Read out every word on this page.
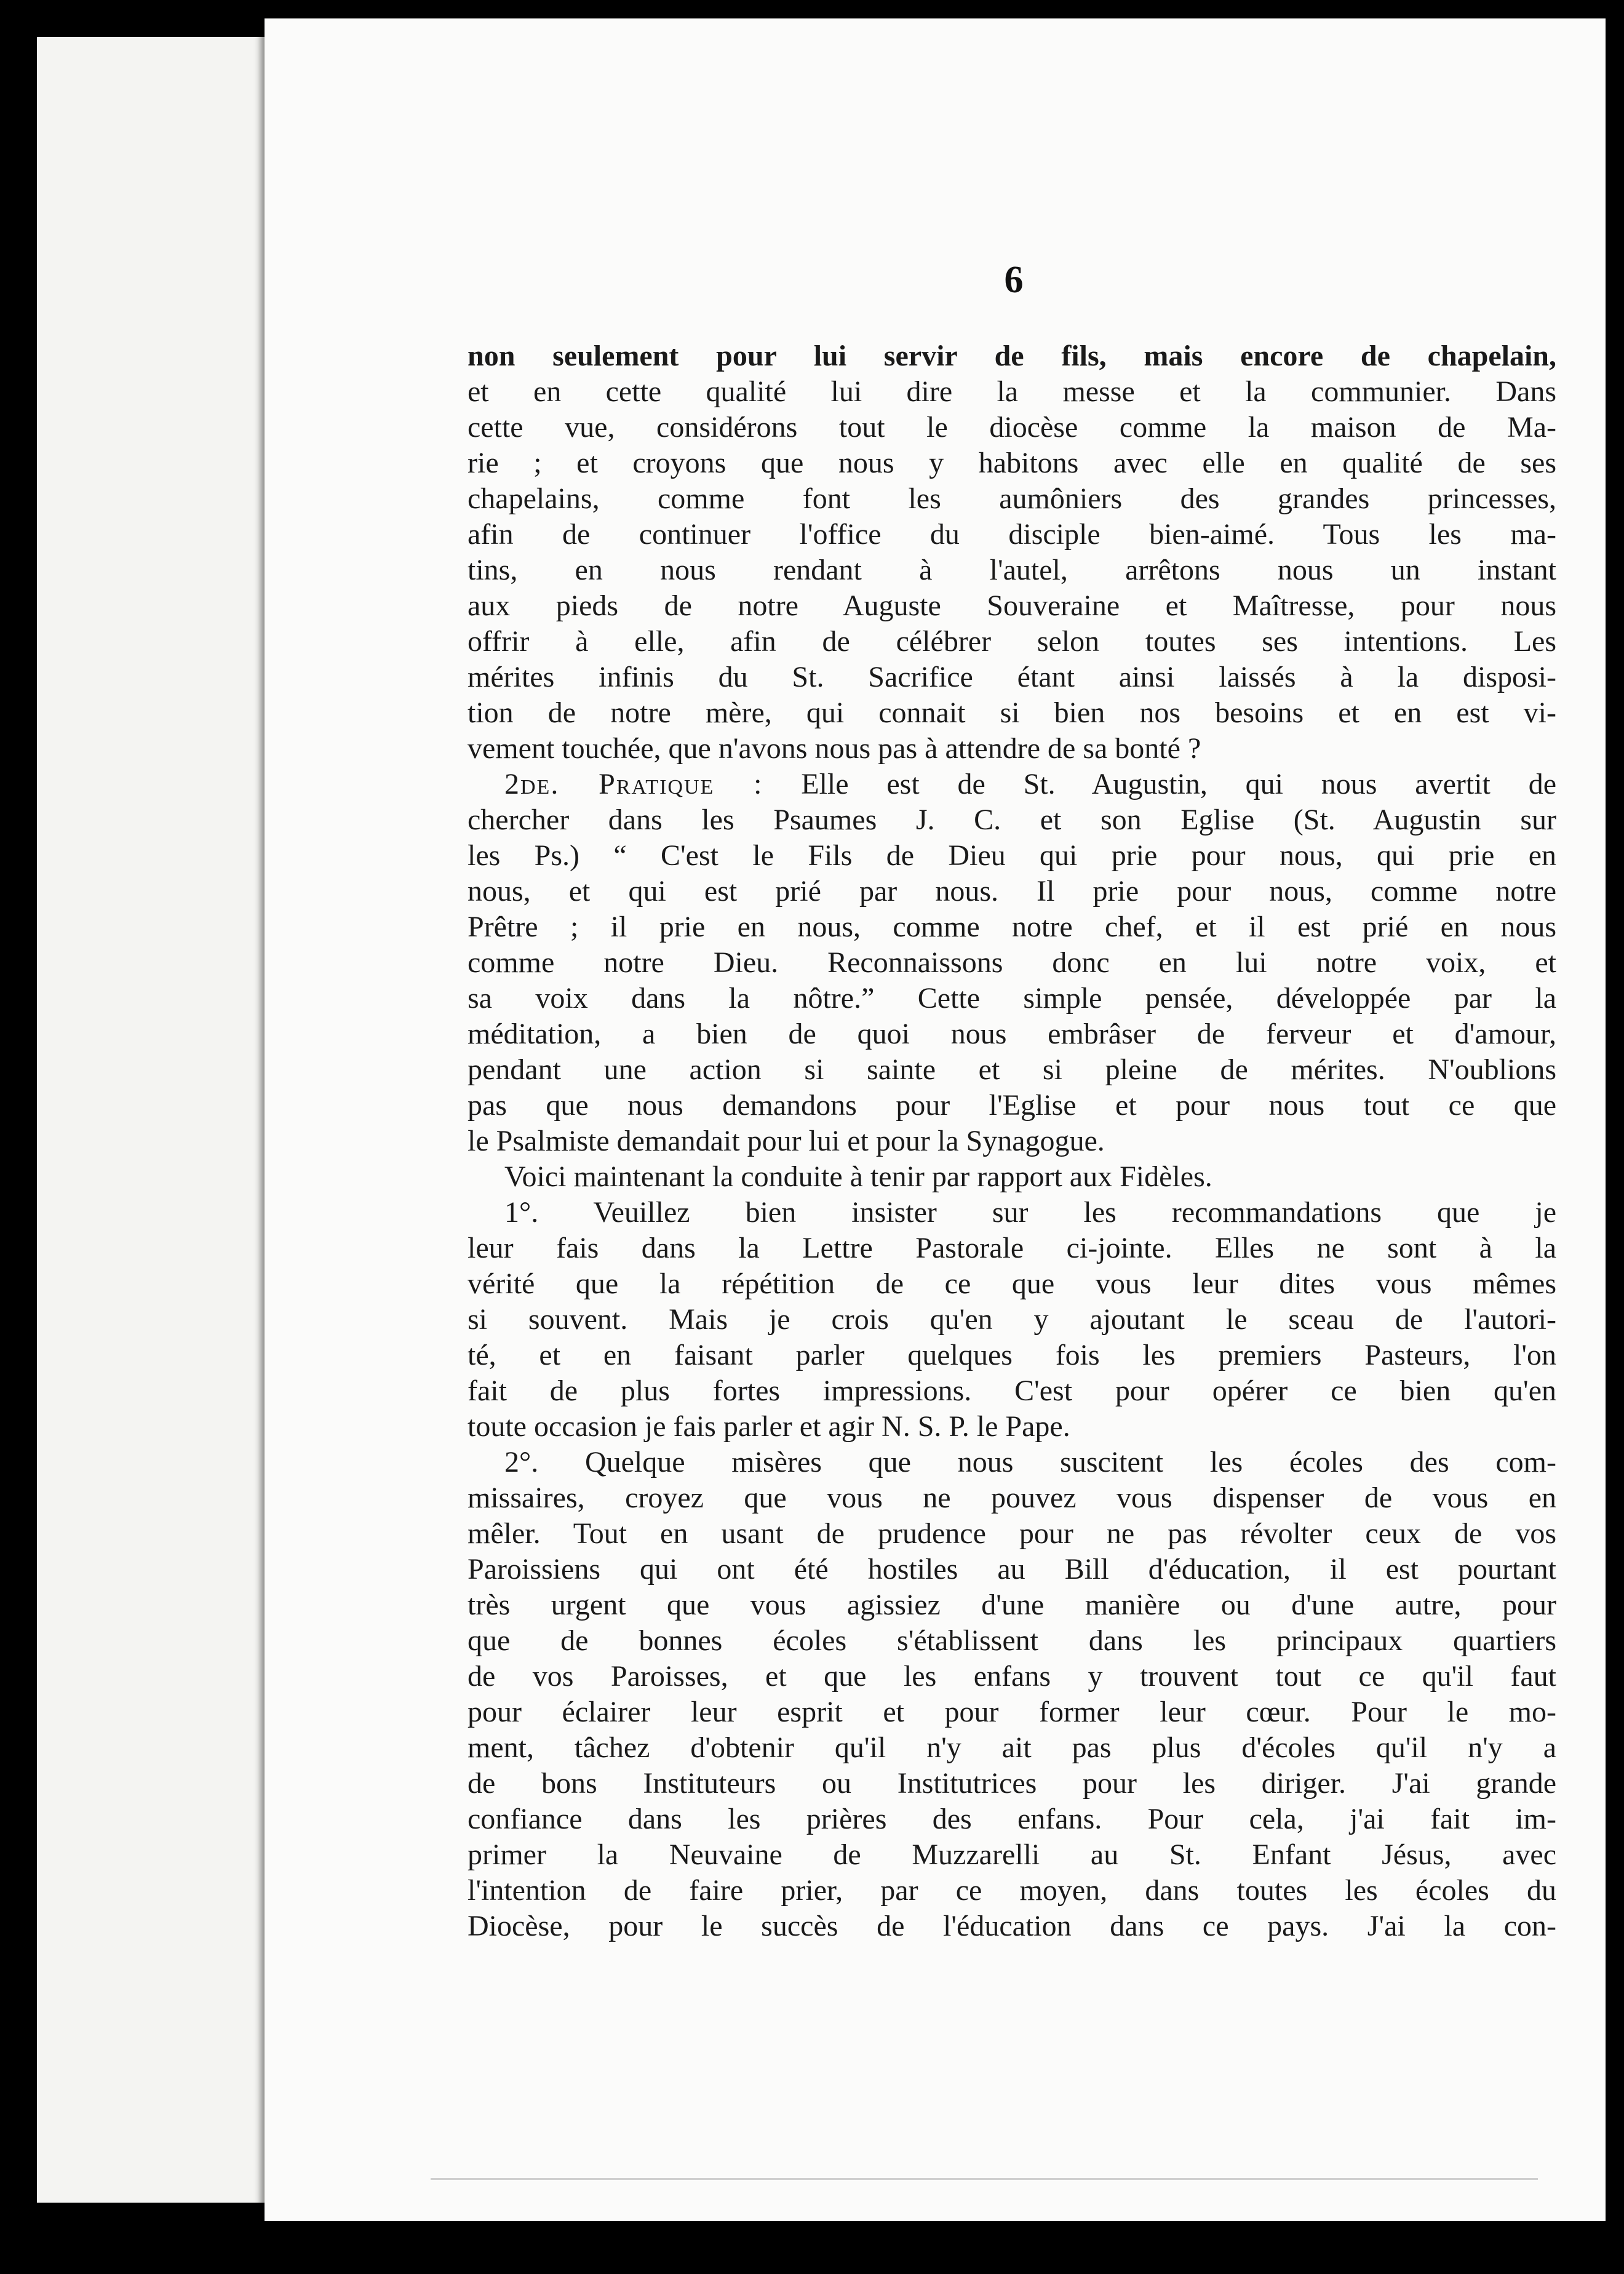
6
non seulement pour lui servir de fils, mais encore de chapelain,
et en cette qualité lui dire la messe et la communier. Dans
cette vue, considérons tout le diocèse comme la maison de Ma-
rie ; et croyons que nous y habitons avec elle en qualité de ses
chapelains, comme font les aumôniers des grandes princesses,
afin de continuer l'office du disciple bien-aimé. Tous les ma-
tins, en nous rendant à l'autel, arrêtons nous un instant
aux pieds de notre Auguste Souveraine et Maîtresse, pour nous
offrir à elle, afin de célébrer selon toutes ses intentions. Les
mérites infinis du St. Sacrifice étant ainsi laissés à la disposi-
tion de notre mère, qui connait si bien nos besoins et en est vi-
vement touchée, que n'avons nous pas à attendre de sa bonté ?
2de. Pratique : Elle est de St. Augustin, qui nous avertit de
chercher dans les Psaumes J. C. et son Eglise (St. Augustin sur
les Ps.) “ C'est le Fils de Dieu qui prie pour nous, qui prie en
nous, et qui est prié par nous. Il prie pour nous, comme notre
Prêtre ; il prie en nous, comme notre chef, et il est prié en nous
comme notre Dieu. Reconnaissons donc en lui notre voix, et
sa voix dans la nôtre.” Cette simple pensée, développée par la
méditation, a bien de quoi nous embrâser de ferveur et d'amour,
pendant une action si sainte et si pleine de mérites. N'oublions
pas que nous demandons pour l'Eglise et pour nous tout ce que
le Psalmiste demandait pour lui et pour la Synagogue.
Voici maintenant la conduite à tenir par rapport aux Fidèles.
1°. Veuillez bien insister sur les recommandations que je
leur fais dans la Lettre Pastorale ci-jointe. Elles ne sont à la
vérité que la répétition de ce que vous leur dites vous mêmes
si souvent. Mais je crois qu'en y ajoutant le sceau de l'autori-
té, et en faisant parler quelques fois les premiers Pasteurs, l'on
fait de plus fortes impressions. C'est pour opérer ce bien qu'en
toute occasion je fais parler et agir N. S. P. le Pape.
2°. Quelque misères que nous suscitent les écoles des com-
missaires, croyez que vous ne pouvez vous dispenser de vous en
mêler. Tout en usant de prudence pour ne pas révolter ceux de vos
Paroissiens qui ont été hostiles au Bill d'éducation, il est pourtant
très urgent que vous agissiez d'une manière ou d'une autre, pour
que de bonnes écoles s'établissent dans les principaux quartiers
de vos Paroisses, et que les enfans y trouvent tout ce qu'il faut
pour éclairer leur esprit et pour former leur cœur. Pour le mo-
ment, tâchez d'obtenir qu'il n'y ait pas plus d'écoles qu'il n'y a
de bons Instituteurs ou Institutrices pour les diriger. J'ai grande
confiance dans les prières des enfans. Pour cela, j'ai fait im-
primer la Neuvaine de Muzzarelli au St. Enfant Jésus, avec
l'intention de faire prier, par ce moyen, dans toutes les écoles du
Diocèse, pour le succès de l'éducation dans ce pays. J'ai la con-
